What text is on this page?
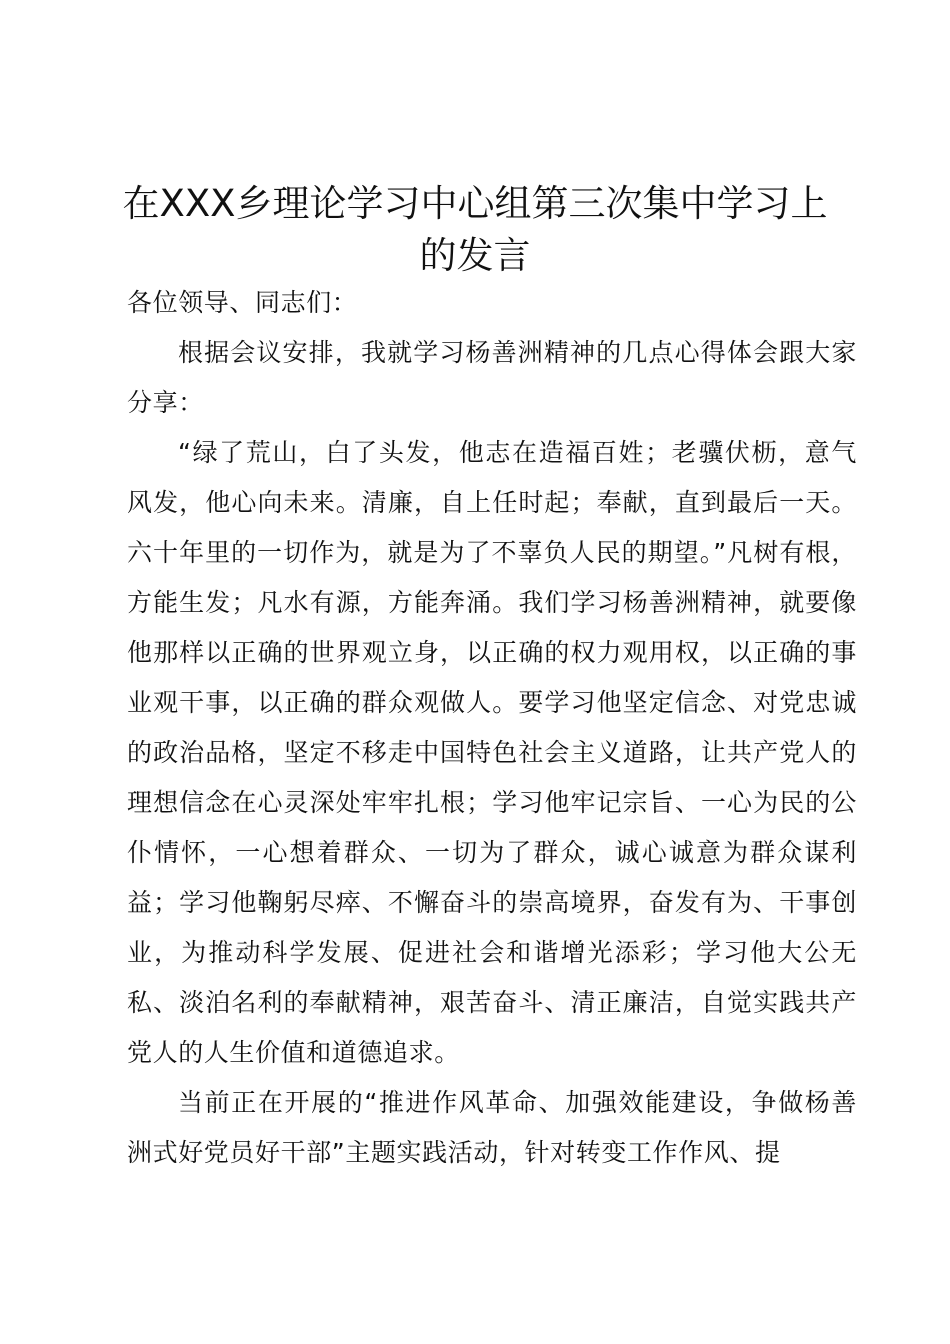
在XXX乡理论学习中心组第三次集中学习上
的发言

各位领导、同志们：

根据会议安排，我就学习杨善洲精神的几点心得体会跟大家分享：

“绿了荒山，白了头发，他志在造福百姓；老骥伏枥，意气风发，他心向未来。清廉，自上任时起；奉献，直到最后一天。六十年里的一切作为，就是为了不辜负人民的期望。”凡树有根，方能生发；凡水有源，方能奔涌。我们学习杨善洲精神，就要像他那样以正确的世界观立身，以正确的权力观用权，以正确的事业观干事，以正确的群众观做人。要学习他坚定信念、对党忠诚的政治品格，坚定不移走中国特色社会主义道路，让共产党人的理想信念在心灵深处牢牢扎根；学习他牢记宗旨、一心为民的公仆情怀，一心想着群众、一切为了群众，诚心诚意为群众谋利益；学习他鞠躬尽瘁、不懈奋斗的崇高境界，奋发有为、干事创业，为推动科学发展、促进社会和谐增光添彩；学习他大公无私、淡泊名利的奉献精神，艰苦奋斗、清正廉洁，自觉实践共产党人的人生价值和道德追求。

当前正在开展的“推进作风革命、加强效能建设，争做杨善洲式好党员好干部”主题实践活动，针对转变工作作风、提
